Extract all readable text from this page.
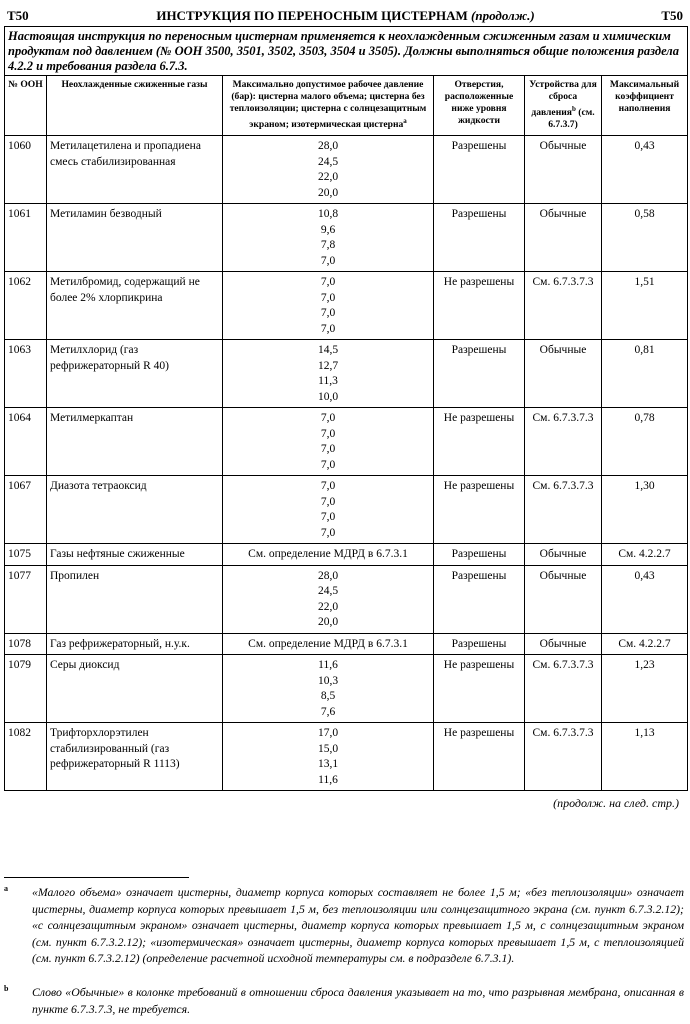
T50	ИНСТРУКЦИЯ ПО ПЕРЕНОСНЫМ ЦИСТЕРНАМ (продолж.)	T50
Настоящая инструкция по переносным цистернам применяется к неохлажденным сжиженным газам и химическим продуктам под давлением (№ ООН 3500, 3501, 3502, 3503, 3504 и 3505). Должны выполняться общие положения раздела 4.2.2 и требования раздела 6.7.3.					
№ ООН	Неохлажденные сжиженные газы	Максимально допустимое рабочее давление (бар): цистерна малого объема; цистерна без теплоизоляции; цистерна с солнцезащитным экраном; изотермическая цистерна$^a$	Отверстия, расположенные ниже уровня жидкости	Устройства для сброса давления$^b$ (см. 6.7.3.7)	Максимальный коэффициент наполнения
1060	Метилацетилена и пропадиена смесь стабилизированная	28,0
24,5
22,0
20,0	Разрешены	Обычные	0,43
1061	Метиламин безводный	10,8
9,6
7,8
7,0	Разрешены	Обычные	0,58
1062	Метилбромид, содержащий не более 2% хлорпикрина	7,0
7,0
7,0
7,0	Не разрешены	См. 6.7.3.7.3	1,51
1063	Метилхлорид (газ рефрижераторный R 40)	14,5
12,7
11,3
10,0	Разрешены	Обычные	0,81
1064	Метилмеркаптан	7,0
7,0
7,0
7,0	Не разрешены	См. 6.7.3.7.3	0,78
1067	Диазота тетраоксид	7,0
7,0
7,0
7,0	Не разрешены	См. 6.7.3.7.3	1,30
1075	Газы нефтяные сжиженные	См. определение МДРД в 6.7.3.1	Разрешены	Обычные	См. 4.2.2.7
1077	Пропилен	28,0
24,5
22,0
20,0	Разрешены	Обычные	0,43
1078	Газ рефрижераторный, н.у.к.	См. определение МДРД в 6.7.3.1	Разрешены	Обычные	См. 4.2.2.7
1079	Серы диоксид	11,6
10,3
8,5
7,6	Не разрешены	См. 6.7.3.7.3	1,23
1082	Трифторхлорэтилен стабилизированный (газ рефрижераторный R 1113)	17,0
15,0
13,1
11,6	Не разрешены	См. 6.7.3.7.3	1,13
(продолж. на след. стр.)
a «Малого объема» означает цистерны, диаметр корпуса которых составляет не более 1,5 м; «без теплоизоляции» означает цистерны, диаметр корпуса которых превышает 1,5 м, без теплоизоляции или солнцезащитного экрана (см. пункт 6.7.3.2.12); «с солнцезащитным экраном» означает цистерны, диаметр корпуса которых превышает 1,5 м, с солнцезащитным экраном (см. пункт 6.7.3.2.12); «изотермическая» означает цистерны, диаметр корпуса которых превышает 1,5 м, с теплоизоляцией (см. пункт 6.7.3.2.12) (определение расчетной исходной температуры см. в подразделе 6.7.3.1).
b Слово «Обычные» в колонке требований в отношении сброса давления указывает на то, что разрывная мембрана, описанная в пункте 6.7.3.7.3, не требуется.
